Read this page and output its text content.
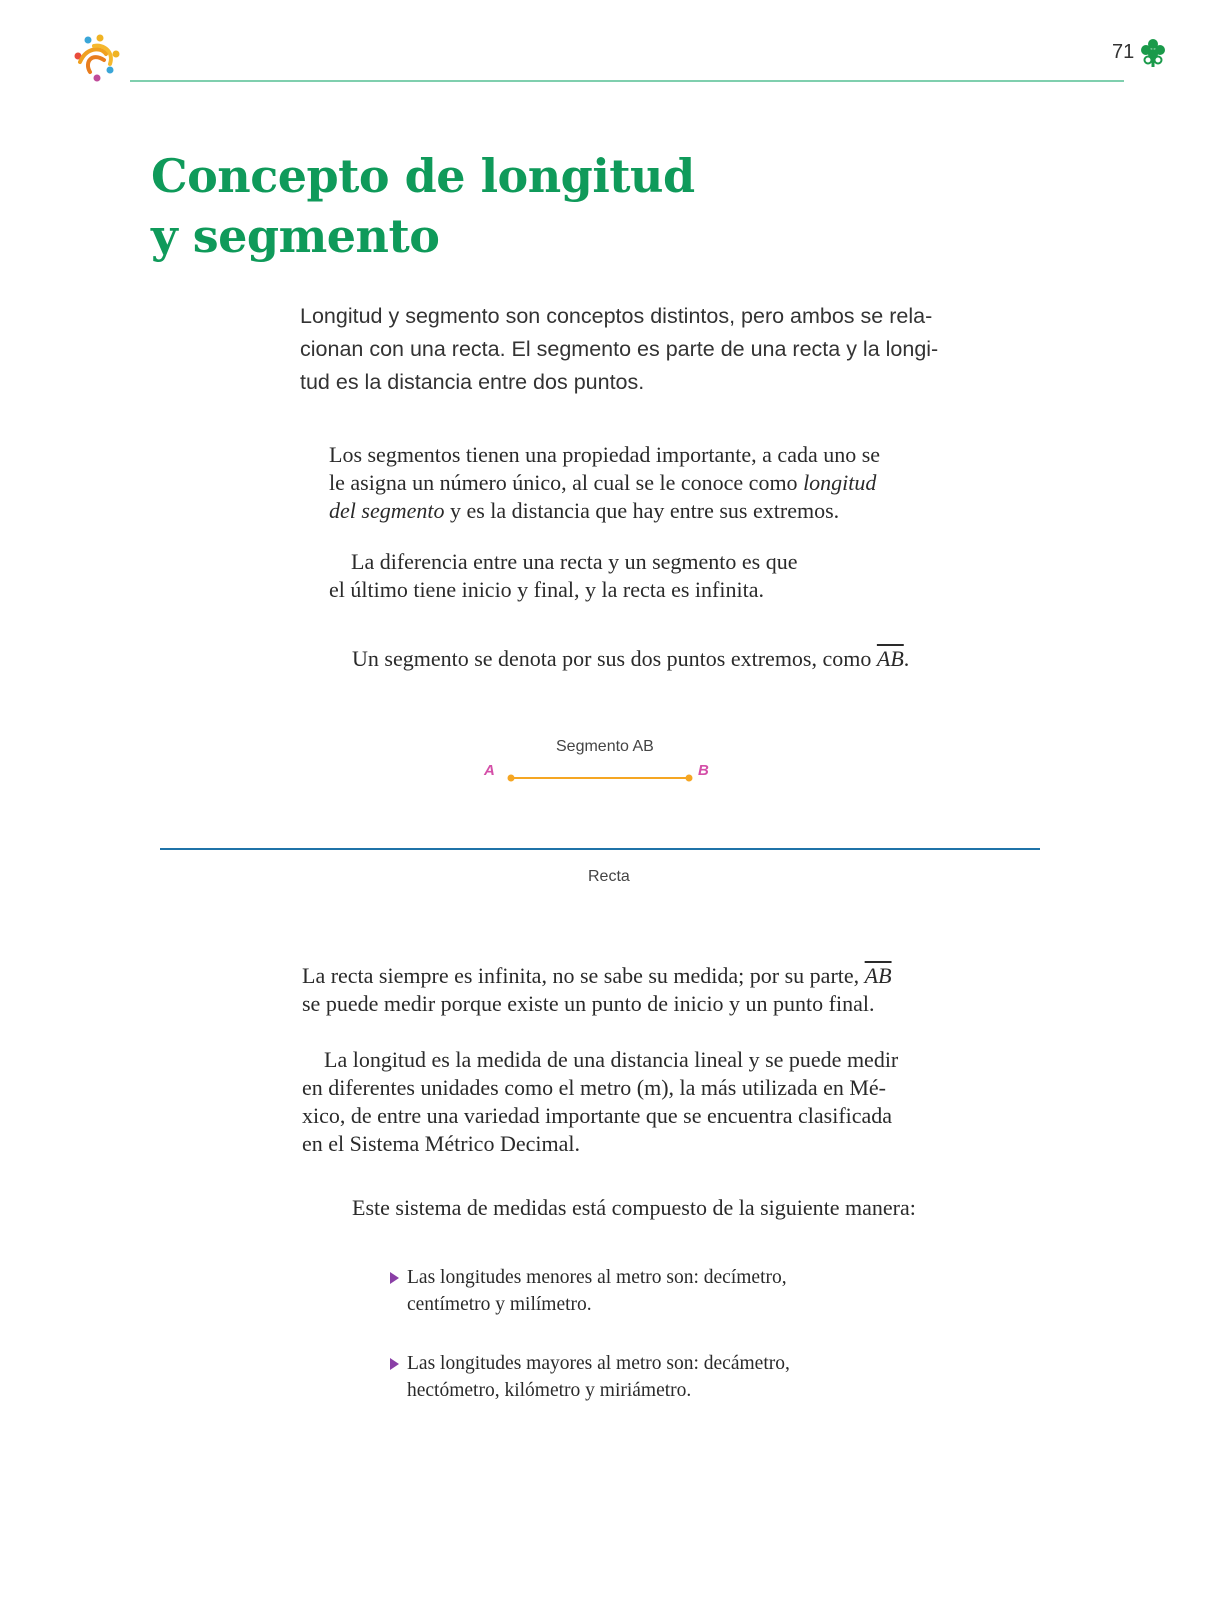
71
Concepto de longitud
y segmento
Longitud y segmento son conceptos distintos, pero ambos se rela-
cionan con una recta. El segmento es parte de una recta y la longi-
tud es la distancia entre dos puntos.
Los segmentos tienen una propiedad importante, a cada uno se
le asigna un número único, al cual se le conoce como longitud
del segmento y es la distancia que hay entre sus extremos.
La diferencia entre una recta y un segmento es que
el último tiene inicio y final, y la recta es infinita.
Un segmento se denota por sus dos puntos extremos, como $\overline{AB}$.
Segmento AB
A	B
Recta
La recta siempre es infinita, no se sabe su medida; por su parte, $\overline{AB}$
se puede medir porque existe un punto de inicio y un punto final.
La longitud es la medida de una distancia lineal y se puede medir
en diferentes unidades como el metro (m), la más utilizada en Mé-
xico, de entre una variedad importante que se encuentra clasificada
en el Sistema Métrico Decimal.
Este sistema de medidas está compuesto de la siguiente manera:
Las longitudes menores al metro son: decímetro,
centímetro y milímetro.
Las longitudes mayores al metro son: decámetro,
hectómetro, kilómetro y miriámetro.
